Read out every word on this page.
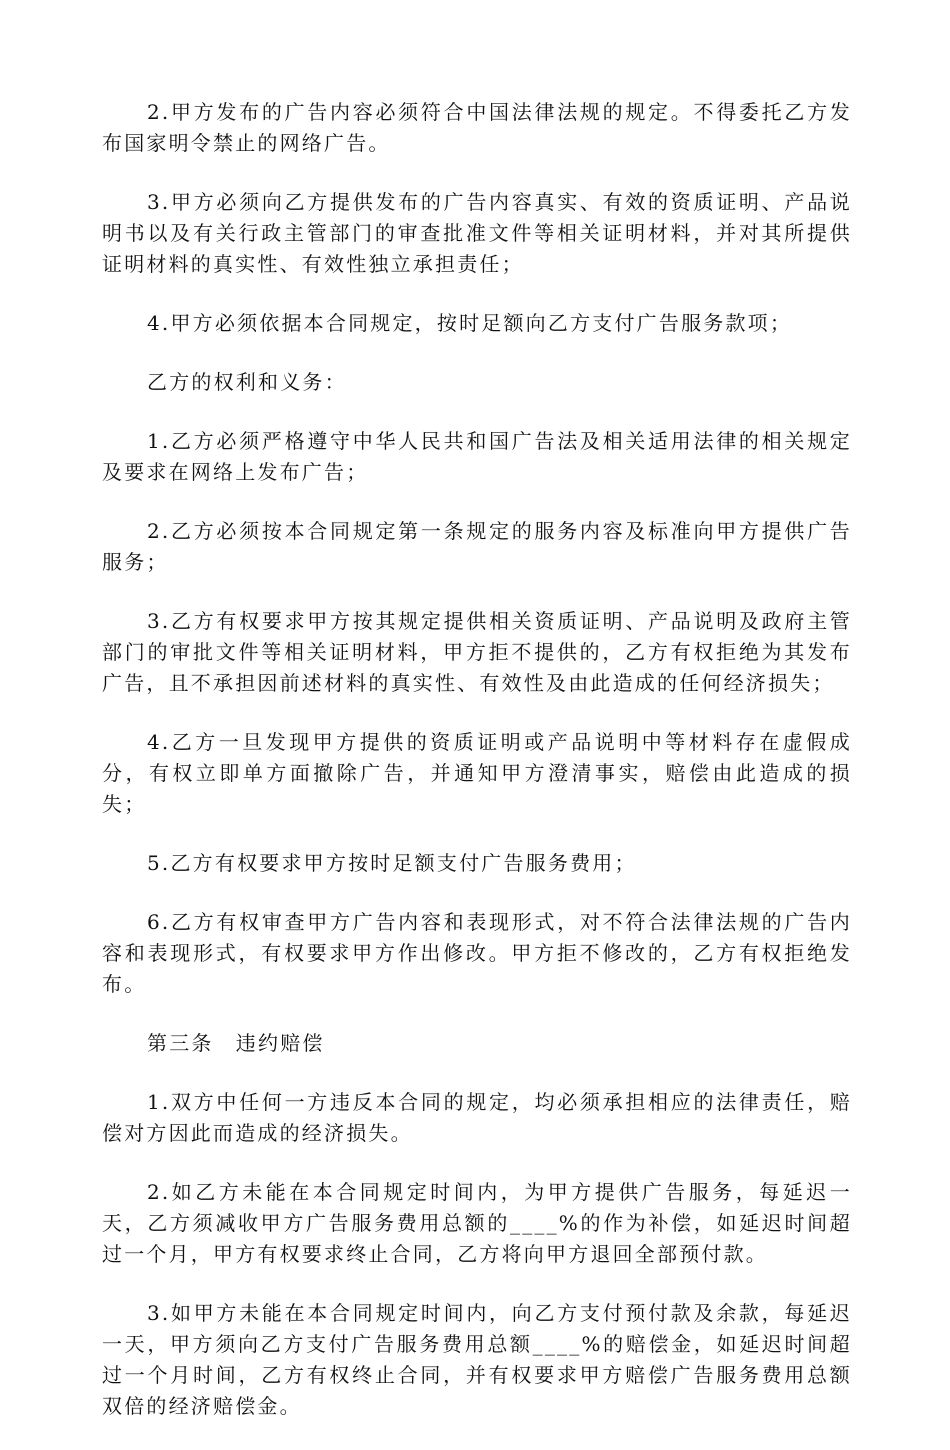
2.甲方发布的广告内容必须符合中国法律法规的规定。不得委托乙方发布国家明令禁止的网络广告。

3.甲方必须向乙方提供发布的广告内容真实、有效的资质证明、产品说明书以及有关行政主管部门的审查批准文件等相关证明材料，并对其所提供证明材料的真实性、有效性独立承担责任；

4.甲方必须依据本合同规定，按时足额向乙方支付广告服务款项；

乙方的权利和义务：

1.乙方必须严格遵守中华人民共和国广告法及相关适用法律的相关规定及要求在网络上发布广告；

2.乙方必须按本合同规定第一条规定的服务内容及标准向甲方提供广告服务；

3.乙方有权要求甲方按其规定提供相关资质证明、产品说明及政府主管部门的审批文件等相关证明材料，甲方拒不提供的，乙方有权拒绝为其发布广告，且不承担因前述材料的真实性、有效性及由此造成的任何经济损失；

4.乙方一旦发现甲方提供的资质证明或产品说明中等材料存在虚假成分，有权立即单方面撤除广告，并通知甲方澄清事实，赔偿由此造成的损失；

5.乙方有权要求甲方按时足额支付广告服务费用；

6.乙方有权审查甲方广告内容和表现形式，对不符合法律法规的广告内容和表现形式，有权要求甲方作出修改。甲方拒不修改的，乙方有权拒绝发布。

第三条　违约赔偿

1.双方中任何一方违反本合同的规定，均必须承担相应的法律责任，赔偿对方因此而造成的经济损失。

2.如乙方未能在本合同规定时间内，为甲方提供广告服务，每延迟一天，乙方须减收甲方广告服务费用总额的____%的作为补偿，如延迟时间超过一个月，甲方有权要求终止合同，乙方将向甲方退回全部预付款。

3.如甲方未能在本合同规定时间内，向乙方支付预付款及余款，每延迟一天，甲方须向乙方支付广告服务费用总额____%的赔偿金，如延迟时间超过一个月时间，乙方有权终止合同，并有权要求甲方赔偿广告服务费用总额双倍的经济赔偿金。
